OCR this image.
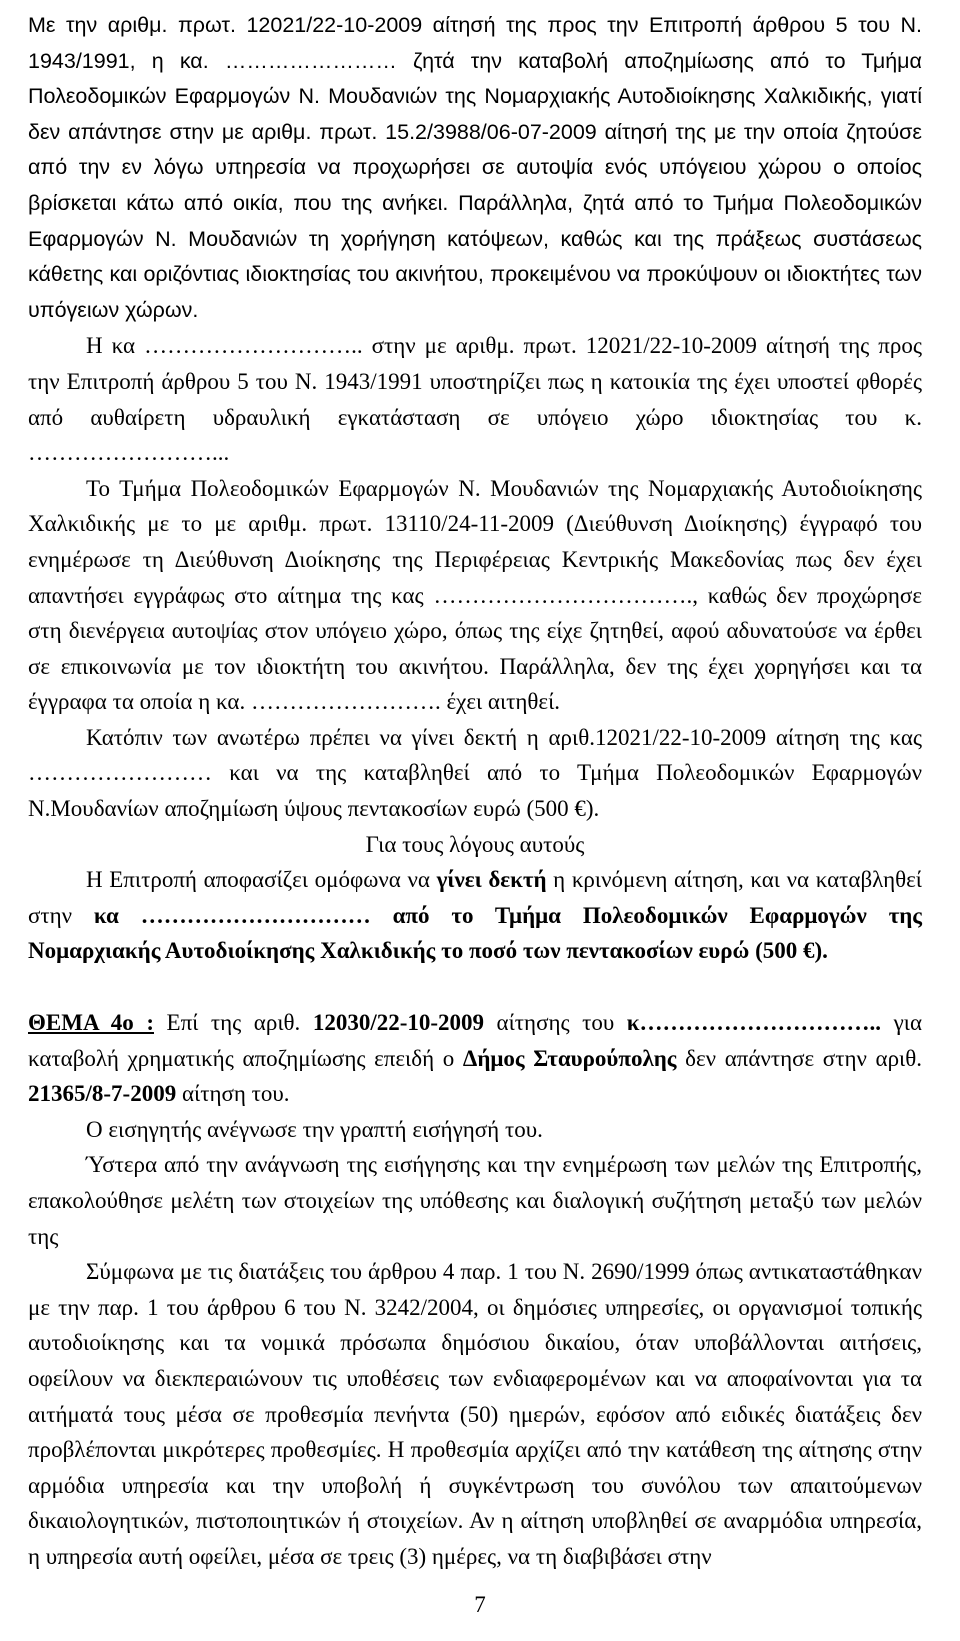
Με την αριθμ. πρωτ. 12021/22-10-2009 αίτησή της προς την Επιτροπή άρθρου 5 του Ν. 1943/1991, η κα. …………………… ζητά την καταβολή αποζημίωσης από το Τμήμα Πολεοδομικών Εφαρμογών Ν. Μουδανιών της Νομαρχιακής Αυτοδιοίκησης Χαλκιδικής, γιατί δεν απάντησε στην με αριθμ. πρωτ. 15.2/3988/06-07-2009 αίτησή της με την οποία ζητούσε από την εν λόγω υπηρεσία να προχωρήσει σε αυτοψία ενός υπόγειου χώρου ο οποίος βρίσκεται κάτω από οικία, που της ανήκει. Παράλληλα, ζητά από το Τμήμα Πολεοδομικών Εφαρμογών Ν. Μουδανιών τη χορήγηση κατόψεων, καθώς και της πράξεως συστάσεως κάθετης και οριζόντιας ιδιοκτησίας του ακινήτου, προκειμένου να προκύψουν οι ιδιοκτήτες των υπόγειων χώρων.

Η κα ……………………….. στην με αριθμ. πρωτ. 12021/22-10-2009 αίτησή της προς την Επιτροπή άρθρου 5 του Ν. 1943/1991 υποστηρίζει πως η κατοικία της έχει υποστεί φθορές από αυθαίρετη υδραυλική εγκατάσταση σε υπόγειο χώρο ιδιοκτησίας του κ. ……………………...

Το Τμήμα Πολεοδομικών Εφαρμογών Ν. Μουδανιών της Νομαρχιακής Αυτοδιοίκησης Χαλκιδικής με το με αριθμ. πρωτ. 13110/24-11-2009 (Διεύθυνση Διοίκησης) έγγραφό του ενημέρωσε τη Διεύθυνση Διοίκησης της Περιφέρειας Κεντρικής Μακεδονίας πως δεν έχει απαντήσει εγγράφως στο αίτημα της κας ……………………………., καθώς δεν προχώρησε στη διενέργεια αυτοψίας στον υπόγειο χώρο, όπως της είχε ζητηθεί, αφού αδυνατούσε να έρθει σε επικοινωνία με τον ιδιοκτήτη του ακινήτου. Παράλληλα, δεν της έχει χορηγήσει και τα έγγραφα τα οποία η κα. ……………………. έχει αιτηθεί.

Κατόπιν των ανωτέρω πρέπει να γίνει δεκτή η αριθ.12021/22-10-2009 αίτηση της κας …………………… και να της καταβληθεί από το Τμήμα Πολεοδομικών Εφαρμογών Ν.Μουδανίων αποζημίωση ύψους πεντακοσίων ευρώ (500 €).

Για τους λόγους αυτούς

Η Επιτροπή αποφασίζει ομόφωνα να γίνει δεκτή η κρινόμενη αίτηση, και να καταβληθεί στην κα ………………………… από το Τμήμα Πολεοδομικών Εφαρμογών της Νομαρχιακής Αυτοδιοίκησης Χαλκιδικής το ποσό των πεντακοσίων ευρώ (500 €).

ΘΕΜΑ 4ο : Επί της αριθ. 12030/22-10-2009 αίτησης του κ………………………….. για καταβολή χρηματικής αποζημίωσης επειδή ο Δήμος Σταυρούπολης δεν απάντησε στην αριθ. 21365/8-7-2009 αίτηση του.

Ο εισηγητής ανέγνωσε την γραπτή εισήγησή του.

Ύστερα από την ανάγνωση της εισήγησης και την ενημέρωση των μελών της Επιτροπής, επακολούθησε μελέτη των στοιχείων της υπόθεσης και διαλογική συζήτηση μεταξύ των μελών της

Σύμφωνα με τις διατάξεις του άρθρου 4 παρ. 1 του Ν. 2690/1999 όπως αντικαταστάθηκαν με την παρ. 1 του άρθρου 6 του Ν. 3242/2004, οι δημόσιες υπηρεσίες, οι οργανισμοί τοπικής αυτοδιοίκησης και τα νομικά πρόσωπα δημόσιου δικαίου, όταν υποβάλλονται αιτήσεις, οφείλουν να διεκπεραιώνουν τις υποθέσεις των ενδιαφερομένων και να αποφαίνονται για τα αιτήματά τους μέσα σε προθεσμία πενήντα (50) ημερών, εφόσον από ειδικές διατάξεις δεν προβλέπονται μικρότερες προθεσμίες. Η προθεσμία αρχίζει από την κατάθεση της αίτησης στην αρμόδια υπηρεσία και την υποβολή ή συγκέντρωση του συνόλου των απαιτούμενων δικαιολογητικών, πιστοποιητικών ή στοιχείων. Αν η αίτηση υποβληθεί σε αναρμόδια υπηρεσία, η υπηρεσία αυτή οφείλει, μέσα σε τρεις (3) ημέρες, να τη διαβιβάσει στην

7
